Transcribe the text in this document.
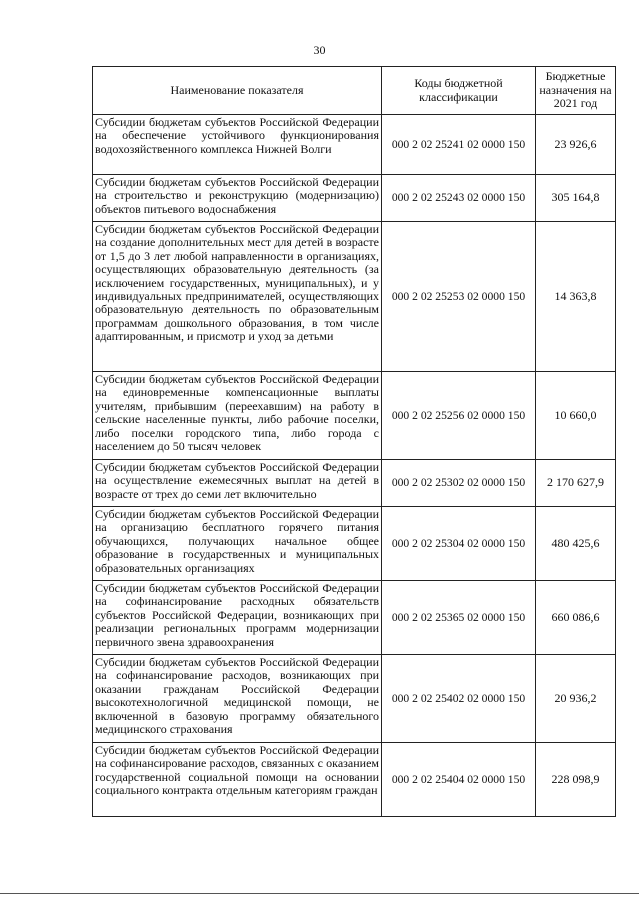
30
Наименование показателя	Коды бюджетной классификации	Бюджетные назначения на 2021 год
Субсидии бюджетам субъектов Российской Федерации на обеспечение устойчивого функционирования водохозяйственного комплекса Нижней Волги	000 2 02 25241 02 0000 150	23 926,6
Субсидии бюджетам субъектов Российской Федерации на строительство и реконструкцию (модернизацию) объектов питьевого водоснабжения	000 2 02 25243 02 0000 150	305 164,8
Субсидии бюджетам субъектов Российской Федерации на создание дополнительных мест для детей в возрасте от 1,5 до 3 лет любой направленности в организациях, осуществляющих образовательную деятельность (за исключением государственных, муниципальных), и у индивидуальных предпринимателей, осуществляющих образовательную деятельность по образовательным программам дошкольного образования, в том числе адаптированным, и присмотр и уход за детьми	000 2 02 25253 02 0000 150	14 363,8
Субсидии бюджетам субъектов Российской Федерации на единовременные компенсационные выплаты учителям, прибывшим (переехавшим) на работу в сельские населенные пункты, либо рабочие поселки, либо поселки городского типа, либо города с населением до 50 тысяч человек	000 2 02 25256 02 0000 150	10 660,0
Субсидии бюджетам субъектов Российской Федерации на осуществление ежемесячных выплат на детей в возрасте от трех до семи лет включительно	000 2 02 25302 02 0000 150	2 170 627,9
Субсидии бюджетам субъектов Российской Федерации на организацию бесплатного горячего питания обучающихся, получающих начальное общее образование в государственных и муниципальных образовательных организациях	000 2 02 25304 02 0000 150	480 425,6
Субсидии бюджетам субъектов Российской Федерации на софинансирование расходных обязательств субъектов Российской Федерации, возникающих при реализации региональных программ модернизации первичного звена здравоохранения	000 2 02 25365 02 0000 150	660 086,6
Субсидии бюджетам субъектов Российской Федерации на софинансирование расходов, возникающих при оказании гражданам Российской Федерации высокотехнологичной медицинской помощи, не включенной в базовую программу обязательного медицинского страхования	000 2 02 25402 02 0000 150	20 936,2
Субсидии бюджетам субъектов Российской Федерации на софинансирование расходов, связанных с оказанием государственной социальной помощи на основании социального контракта отдельным категориям граждан	000 2 02 25404 02 0000 150	228 098,9
